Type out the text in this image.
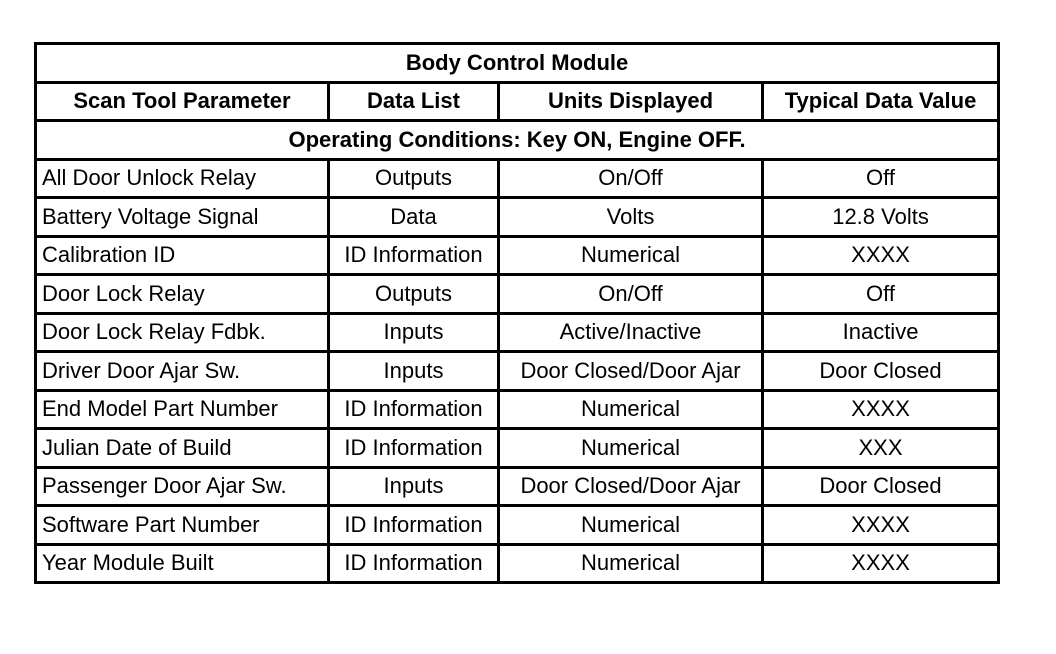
Body Control Module			
Scan Tool Parameter	Data List	Units Displayed	Typical Data Value
Operating Conditions: Key ON, Engine OFF.			
All Door Unlock Relay	Outputs	On/Off	Off
Battery Voltage Signal	Data	Volts	12.8 Volts
Calibration ID	ID Information	Numerical	XXXX
Door Lock Relay	Outputs	On/Off	Off
Door Lock Relay Fdbk.	Inputs	Active/Inactive	Inactive
Driver Door Ajar Sw.	Inputs	Door Closed/Door Ajar	Door Closed
End Model Part Number	ID Information	Numerical	XXXX
Julian Date of Build	ID Information	Numerical	XXX
Passenger Door Ajar Sw.	Inputs	Door Closed/Door Ajar	Door Closed
Software Part Number	ID Information	Numerical	XXXX
Year Module Built	ID Information	Numerical	XXXX
